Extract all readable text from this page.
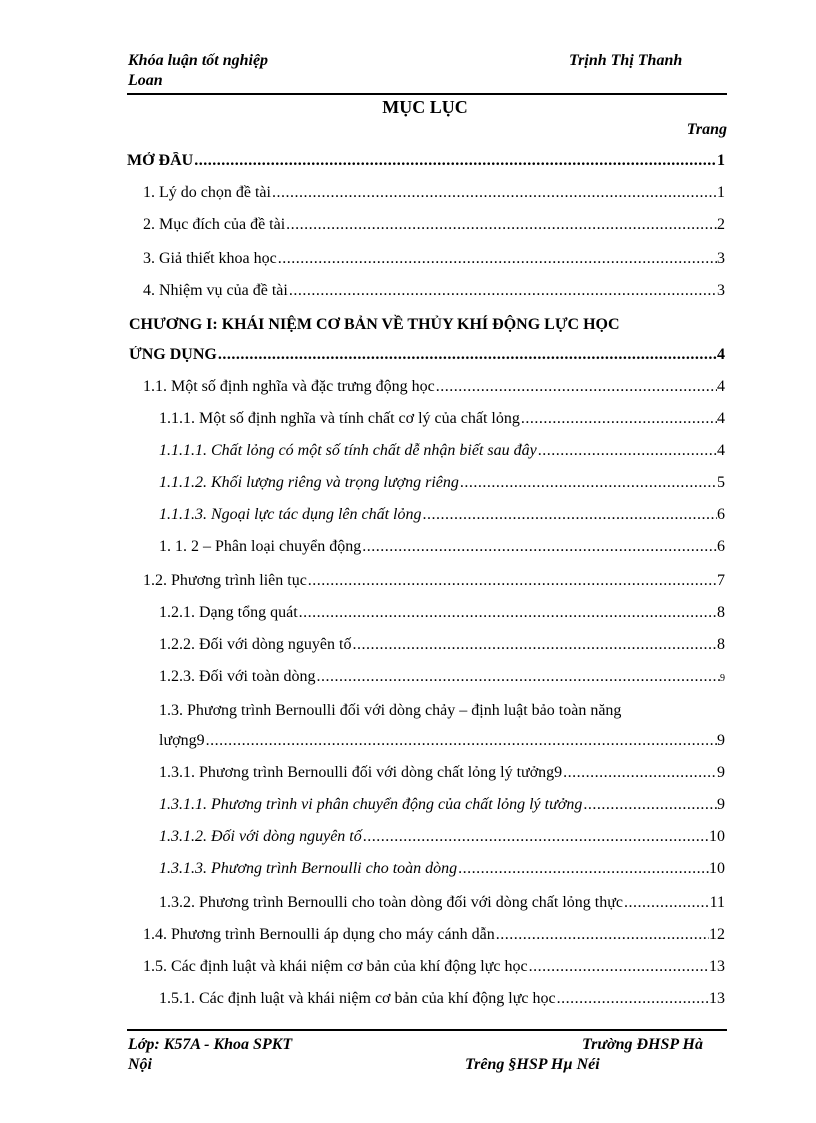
Khóa luận tốt nghiệp
Loan
Trịnh Thị Thanh
MỤC LỤC
Trang
MỞ ĐẦU .....	1
1. Lý do chọn đề tài .....	1
2. Mục đích của đề tài .....	2
3. Giả thiết khoa học .....	3
4. Nhiệm vụ của đề tài .....	3
CHƯƠNG I: KHÁI NIỆM CƠ BẢN VỀ THỦY KHÍ ĐỘNG LỰC HỌC
ỨNG DỤNG .....	4
1.1. Một số định nghĩa và đặc trưng động học .....	4
1.1.1. Một số định nghĩa và tính chất cơ lý của chất lỏng .....	4
1.1.1.1. Chất lỏng có một số tính chất dễ nhận biết sau đây .....	4
1.1.1.2. Khối lượng riêng và trọng lượng riêng .....	5
1.1.1.3. Ngoại lực tác dụng lên chất lỏng .....	6
1. 1. 2 – Phân loại chuyển động .....	6
1.2. Phương trình liên tục .....	7
1.2.1. Dạng tổng quát .....	8
1.2.2. Đối với dòng nguyên tố .....	8
1.2.3. Đối với toàn dòng .....	9
1.3. Phương trình Bernoulli đối với dòng chảy – định luật bảo toàn năng
lượng9 .....	9
1.3.1. Phương trình Bernoulli đối với dòng chất lỏng lý tưởng9 .....	9
1.3.1.1. Phương trình vi phân chuyển động của chất lỏng lý tưởng .....	9
1.3.1.2. Đối với dòng nguyên tố .....	10
1.3.1.3. Phương trình Bernoulli cho toàn dòng .....	10
1.3.2. Phương trình Bernoulli cho toàn dòng đối với dòng chất lỏng thực .....	11
1.4. Phương trình Bernoulli áp dụng cho máy cánh dẫn .....	12
1.5. Các định luật và khái niệm cơ bản của khí động lực học .....	13
1.5.1. Các định luật và khái niệm cơ bản của khí động lực học .....	13
Lớp: K57A - Khoa SPKT
Nội
Trường ĐHSP Hà
Trêng §HSP Hµ Néi
